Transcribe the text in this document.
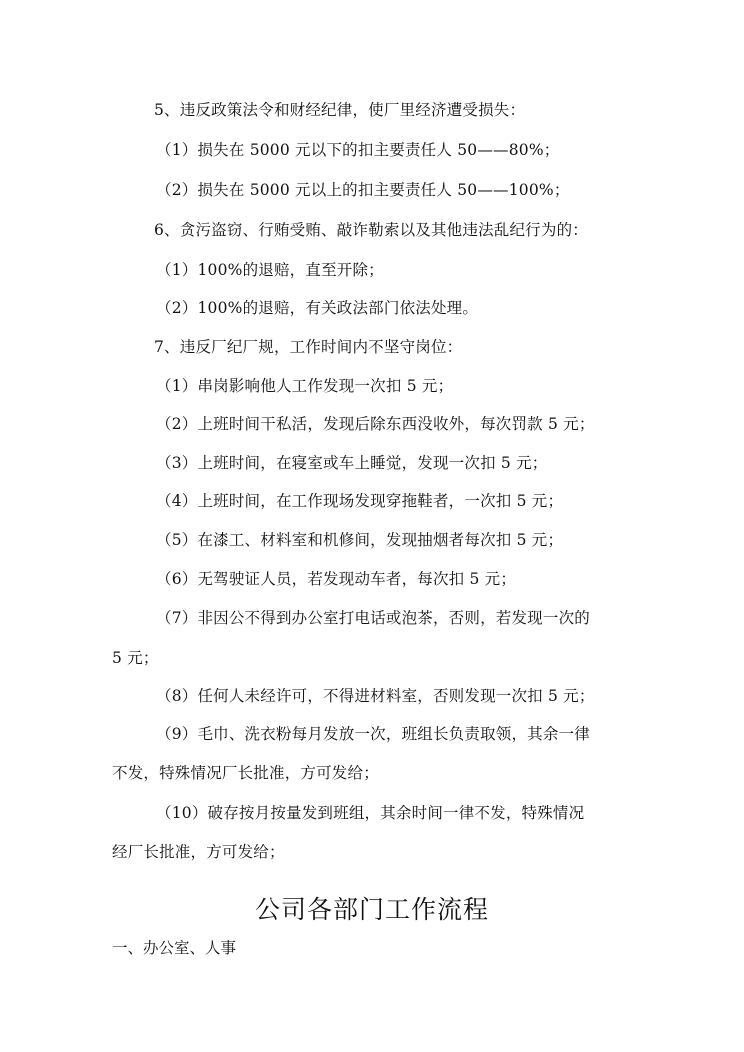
5、违反政策法令和财经纪律，使厂里经济遭受损失：
（1）损失在 5000 元以下的扣主要责任人 50——80%；
（2）损失在 5000 元以上的扣主要责任人 50——100%；
6、贪污盗窃、行贿受贿、敲诈勒索以及其他违法乱纪行为的：
（1）100%的退赔，直至开除；
（2）100%的退赔，有关政法部门依法处理。
7、违反厂纪厂规，工作时间内不坚守岗位：
（1）串岗影响他人工作发现一次扣 5 元；
（2）上班时间干私活，发现后除东西没收外，每次罚款 5 元；
（3）上班时间，在寝室或车上睡觉，发现一次扣 5 元；
（4）上班时间，在工作现场发现穿拖鞋者，一次扣 5 元；
（5）在漆工、材料室和机修间，发现抽烟者每次扣 5 元；
（6）无驾驶证人员，若发现动车者，每次扣 5 元；
（7）非因公不得到办公室打电话或泡茶，否则，若发现一次的
5 元；
（8）任何人未经许可，不得进材料室，否则发现一次扣 5 元；
（9）毛巾、洗衣粉每月发放一次，班组长负责取领，其余一律
不发，特殊情况厂长批准，方可发给；
（10）破存按月按量发到班组，其余时间一律不发，特殊情况
经厂长批准，方可发给；
公司各部门工作流程
一、办公室、人事
